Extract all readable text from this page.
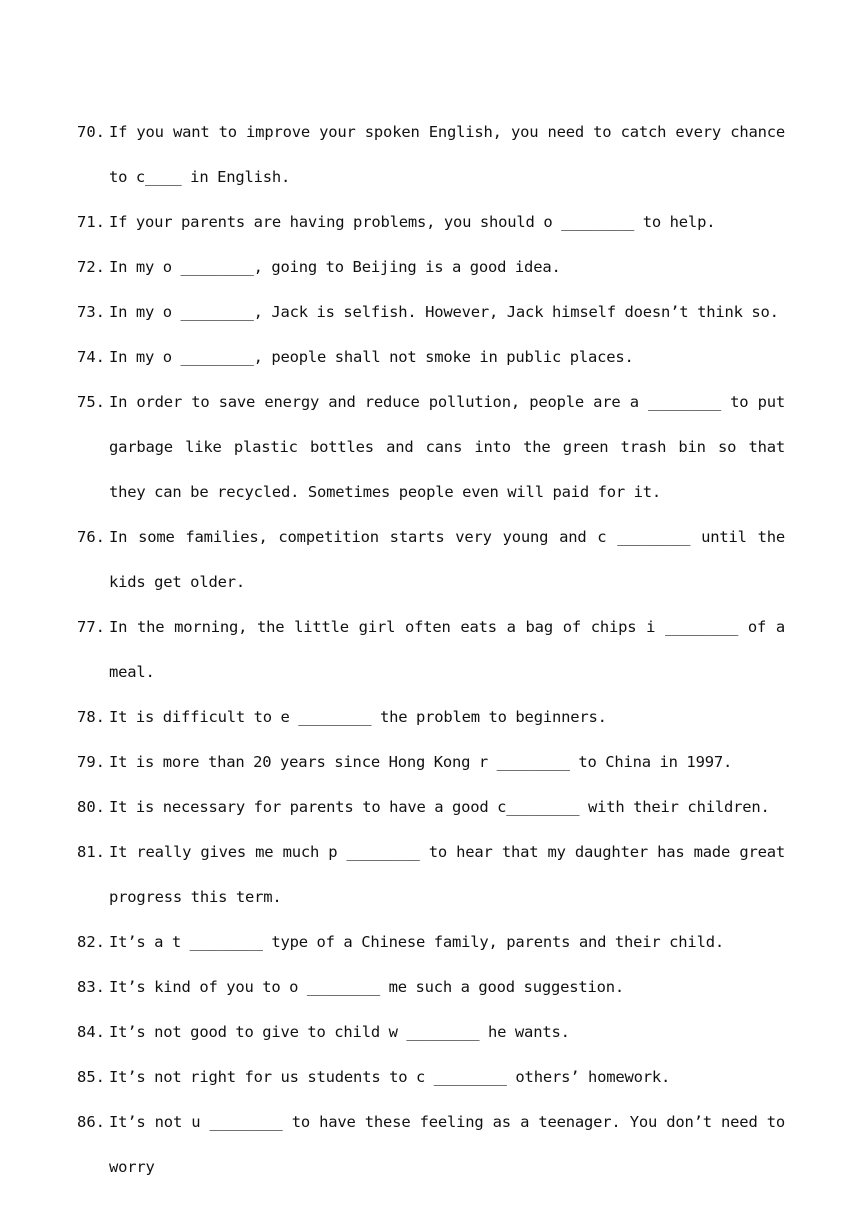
70. If you want to improve your spoken English, you need to catch every chance to c____ in English.
71. If your parents are having problems, you should o ________ to help.
72. In my o ________, going to Beijing is a good idea.
73. In my o ________, Jack is selfish. However, Jack himself doesn’t think so.
74. In my o ________, people shall not smoke in public places.
75. In order to save energy and reduce pollution, people are a ________ to put garbage like plastic bottles and cans into the green trash bin so that they can be recycled. Sometimes people even will paid for it.
76. In some families, competition starts very young and c ________ until the kids get older.
77. In the morning, the little girl often eats a bag of chips i ________ of a meal.
78. It is difficult to e ________ the problem to beginners.
79. It is more than 20 years since Hong Kong r ________ to China in 1997.
80. It is necessary for parents to have a good c________ with their children.
81. It really gives me much p ________ to hear that my daughter has made great progress this term.
82. It’s a t ________ type of a Chinese family, parents and their child.
83. It’s kind of you to o ________ me such a good suggestion.
84. It’s not good to give to child w ________ he wants.
85. It’s not right for us students to c ________ others’ homework.
86. It’s not u ________ to have these feeling as a teenager. You don’t need to worry
